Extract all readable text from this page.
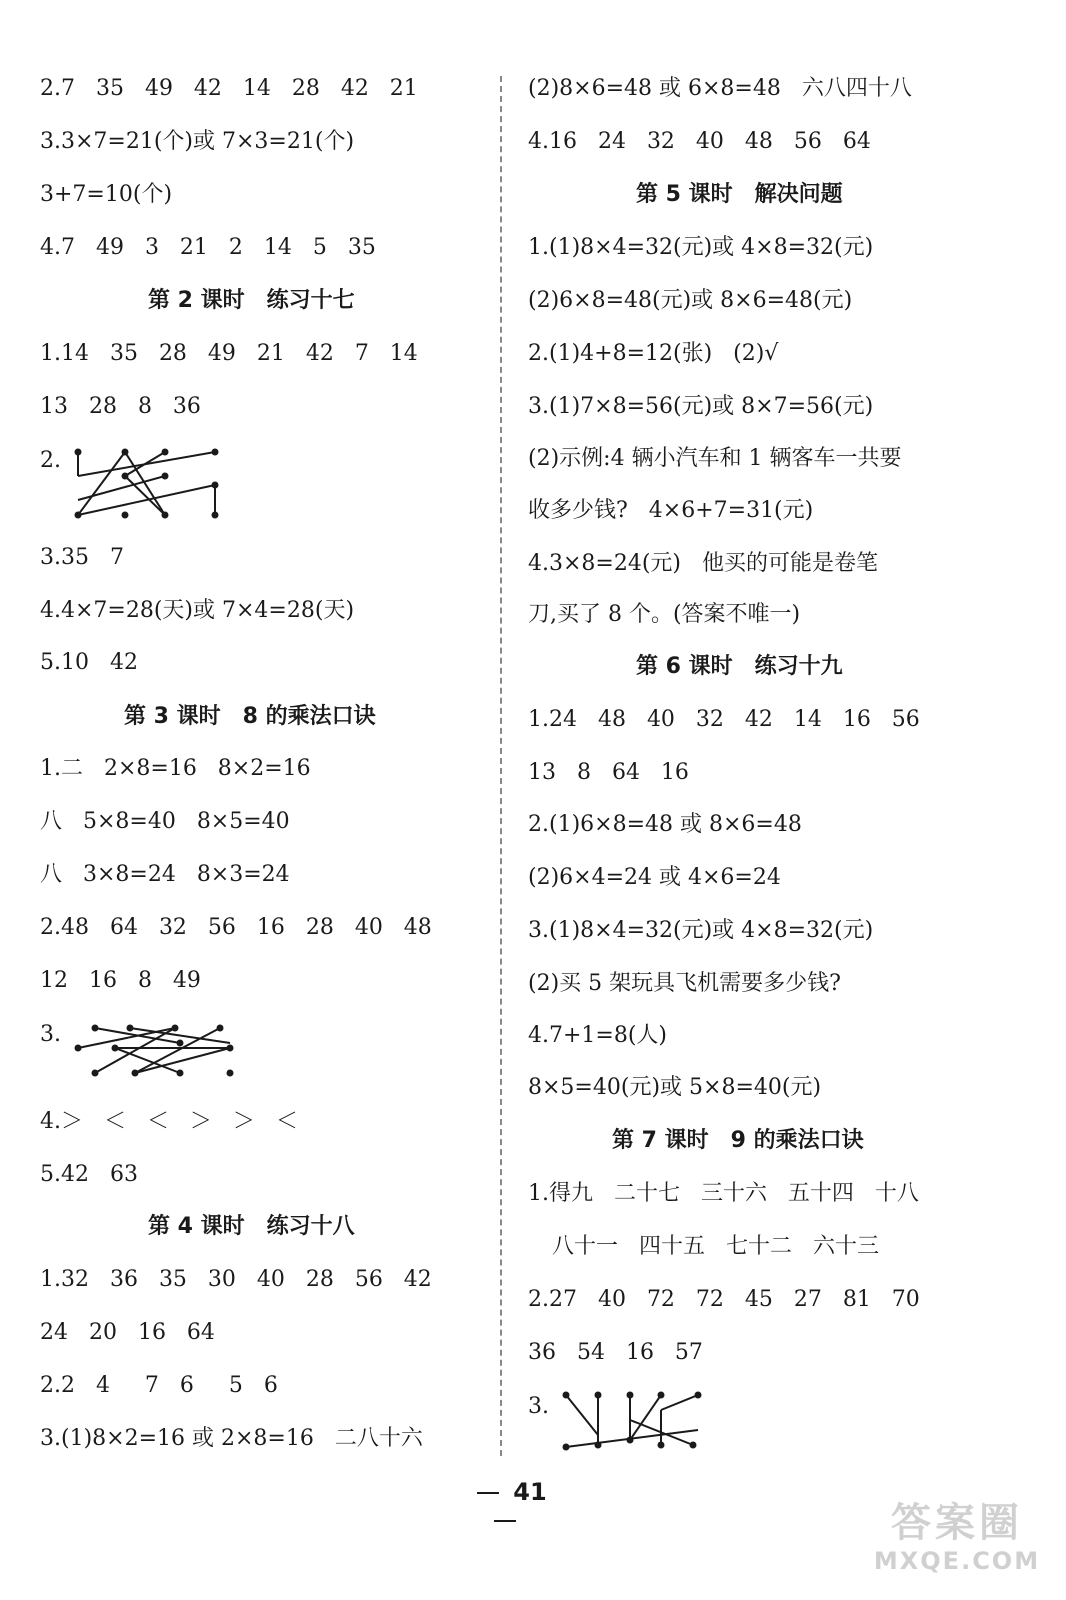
2.7   35   49   42   14   28   42   21
3.3×7=21(个)或 7×3=21(个)
3+7=10(个)
4.7   49   3   21   2   14   5   35
第 2 课时　练习十七
1.14   35   28   49   21   42   7   14
13   28   8   36
2.
3.35   7
4.4×7=28(天)或 7×4=28(天)
5.10   42
第 3 课时　8 的乘法口诀
1.二   2×8=16   8×2=16
八   5×8=40   8×5=40
八   3×8=24   8×3=24
2.48   64   32   56   16   28   40   48
12   16   8   49
3.
4.＞   ＜   ＜   ＞   ＞   ＜
5.42   63
第 4 课时　练习十八
1.32   36   35   30   40   28   56   42
24   20   16   64
2.2   4     7   6     5   6
3.(1)8×2=16 或 2×8=16   二八十六
(2)8×6=48 或 6×8=48   六八四十八
4.16   24   32   40   48   56   64
第 5 课时　解决问题
1.(1)8×4=32(元)或 4×8=32(元)
(2)6×8=48(元)或 8×6=48(元)
2.(1)4+8=12(张)   (2)√
3.(1)7×8=56(元)或 8×7=56(元)
(2)示例:4 辆小汽车和 1 辆客车一共要
收多少钱?   4×6+7=31(元)
4.3×8=24(元)   他买的可能是卷笔
刀,买了 8 个。(答案不唯一)
第 6 课时　练习十九
1.24   48   40   32   42   14   16   56
13   8   64   16
2.(1)6×8=48 或 8×6=48
(2)6×4=24 或 4×6=24
3.(1)8×4=32(元)或 4×8=32(元)
(2)买 5 架玩具飞机需要多少钱?
4.7+1=8(人)
8×5=40(元)或 5×8=40(元)
第 7 课时　9 的乘法口诀
1.得九   二十七   三十六   五十四   十八
八十一   四十五   七十二   六十三
2.27   40   72   72   45   27   81   70
36   54   16   57
3.
41
答案圈
MXQE.COM
